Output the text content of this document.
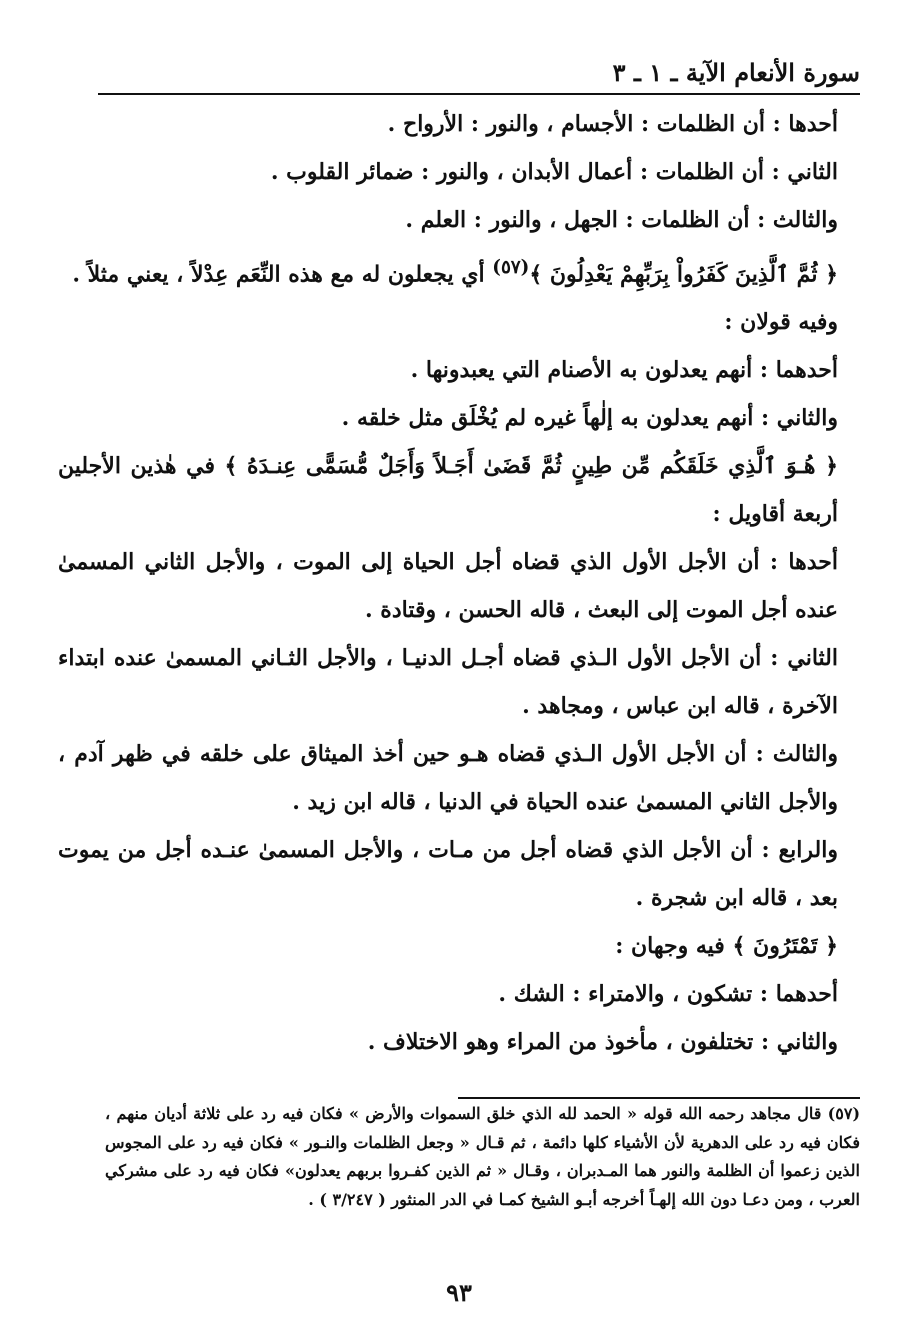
سورة الأنعام الآية ـ ١ ـ ٣

أحدها : أن الظلمات : الأجسام ، والنور : الأرواح .

الثاني : أن الظلمات : أعمال الأبدان ، والنور : ضمائر القلوب .

والثالث : أن الظلمات : الجهل ، والنور : العلم .

﴿ ثُمَّ ٱلَّذِينَ كَفَرُواْ بِرَبِّهِمْ يَعْدِلُونَ ﴾$^{(٥٧)}$ أي يجعلون له مع هذه النِّعَم عِدْلاً ، يعني مثلاً .

وفيه قولان :

أحدهما : أنهم يعدلون به الأصنام التي يعبدونها .

والثاني : أنهم يعدلون به إلٰهاً غيره لم يُخْلَق مثل خلقه .

﴿ هُـوَ ٱلَّذِي خَلَقَكُم مِّن طِينٍ ثُمَّ قَضَىٰ أَجَـلاً وَأَجَلٌ مُّسَمًّى عِنـدَهُ ﴾ في هٰذين الأجلين أربعة أقاويل :

أحدها : أن الأجل الأول الذي قضاه أجل الحياة إلى الموت ، والأجل الثاني المسمىٰ عنده أجل الموت إلى البعث ، قاله الحسن ، وقتادة .

الثاني : أن الأجل الأول الـذي قضاه أجـل الدنيـا ، والأجل الثـاني المسمىٰ عنده ابتداء الآخرة ، قاله ابن عباس ، ومجاهد .

والثالث : أن الأجل الأول الـذي قضاه هـو حين أخذ الميثاق على خلقه في ظهر آدم ، والأجل الثاني المسمىٰ عنده الحياة في الدنيا ، قاله ابن زيد .

والرابع : أن الأجل الذي قضاه أجل من مـات ، والأجل المسمىٰ عنـده أجل من يموت بعد ، قاله ابن شجرة .

﴿ تَمْتَرُونَ ﴾ فيه وجهان :

أحدهما : تشكون ، والامتراء : الشك .

والثاني : تختلفون ، مأخوذ من المراء وهو الاختلاف .

(٥٧) قال مجاهد رحمه الله قوله « الحمد لله الذي خلق السموات والأرض » فكان فيه رد على ثلاثة أديان منهم ، فكان فيه رد على الدهرية لأن الأشياء كلها دائمة ، ثم قـال « وجعل الظلمات والنـور » فكان فيه رد على المجوس الذين زعموا أن الظلمة والنور هما المـدبران ، وقـال « ثم الذين كفـروا بربهم يعدلون» فكان فيه رد على مشركي العرب ، ومن دعـا دون الله إلهـاً أخرجه أبـو الشيخ كمـا في الدر المنثور ( ٣/٢٤٧ ) .

٩٣
